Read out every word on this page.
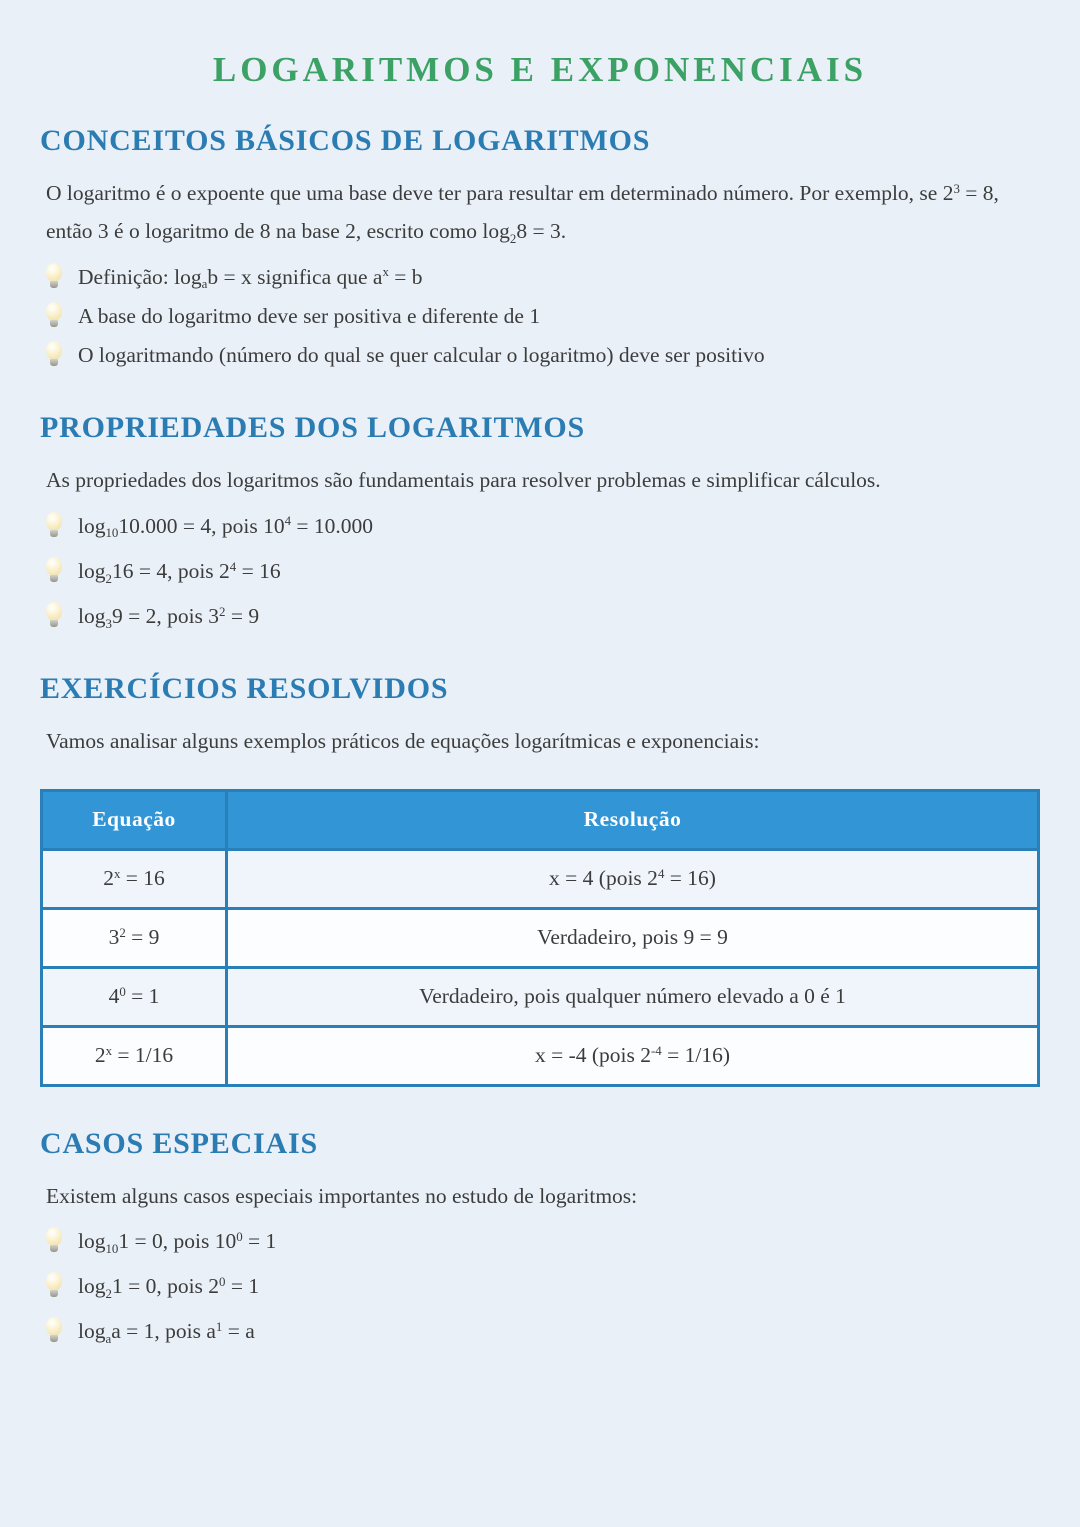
LOGARITMOS E EXPONENCIAIS
CONCEITOS BÁSICOS DE LOGARITMOS

O logaritmo é o expoente que uma base deve ter para resultar em determinado número. Por exemplo, se $2^3 = 8$, então 3 é o logaritmo de 8 na base 2, escrito como $\log_28 = 3$.

Definição: $\log_ab = x$ significa que $a^x = b$
A base do logaritmo deve ser positiva e diferente de 1
O logaritmando (número do qual se quer calcular o logaritmo) deve ser positivo
PROPRIEDADES DOS LOGARITMOS

As propriedades dos logaritmos são fundamentais para resolver problemas e simplificar cálculos.

$\log_{10}10.000 = 4$, pois $10^4 = 10.000$
$\log_216 = 4$, pois $2^4 = 16$
$\log_39 = 2$, pois $3^2 = 9$
EXERCÍCIOS RESOLVIDOS

Vamos analisar alguns exemplos práticos de equações logarítmicas e exponenciais:

Equação	Resolução
$2^x = 16$	x = 4 (pois $2^4 = 16$)
$3^2 = 9$	Verdadeiro, pois 9 = 9
$4^0 = 1$	Verdadeiro, pois qualquer número elevado a 0 é 1
$2^x = 1/16$	x = -4 (pois $2^{-4} = 1/16$)
CASOS ESPECIAIS

Existem alguns casos especiais importantes no estudo de logaritmos:

$\log_{10}1 = 0$, pois $10^0 = 1$
$\log_21 = 0$, pois $2^0 = 1$
$\log_aa = 1$, pois $a^1 = a$
